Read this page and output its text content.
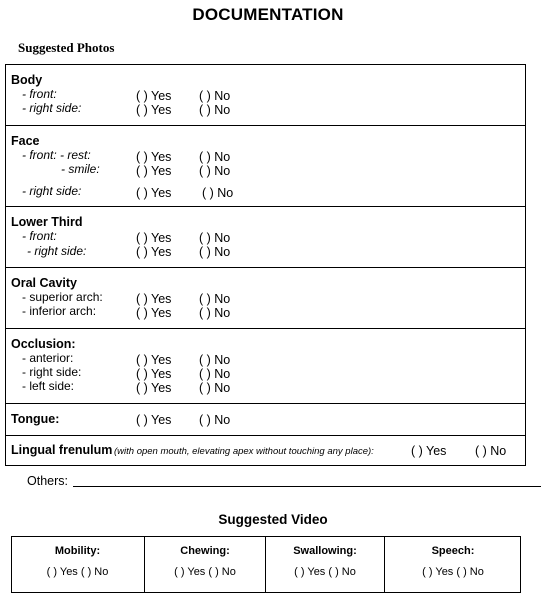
DOCUMENTATION
Suggested Photos
Body
- front:
- right side:
( ) Yes ( ) No
( ) Yes ( ) No
Face
- front: - rest:
- smile:
- right side:
( ) Yes ( ) No
( ) Yes ( ) No
( ) Yes ( ) No
Lower Third
- front:
- right side:
( ) Yes ( ) No
( ) Yes ( ) No
Oral Cavity
- superior arch:
- inferior arch:
( ) Yes ( ) No
( ) Yes ( ) No
Occlusion:
- anterior:
- right side:
- left side:
( ) Yes ( ) No
( ) Yes ( ) No
( ) Yes ( ) No
Tongue:	( ) Yes ( ) No
Lingual frenulum (with open mouth, elevating apex without touching any place):	( ) Yes ( ) No
Others:
Suggested Video
Mobility:
( ) Yes ( ) No
Chewing:
( ) Yes ( ) No
Swallowing:
( ) Yes ( ) No
Speech:
( ) Yes ( ) No
